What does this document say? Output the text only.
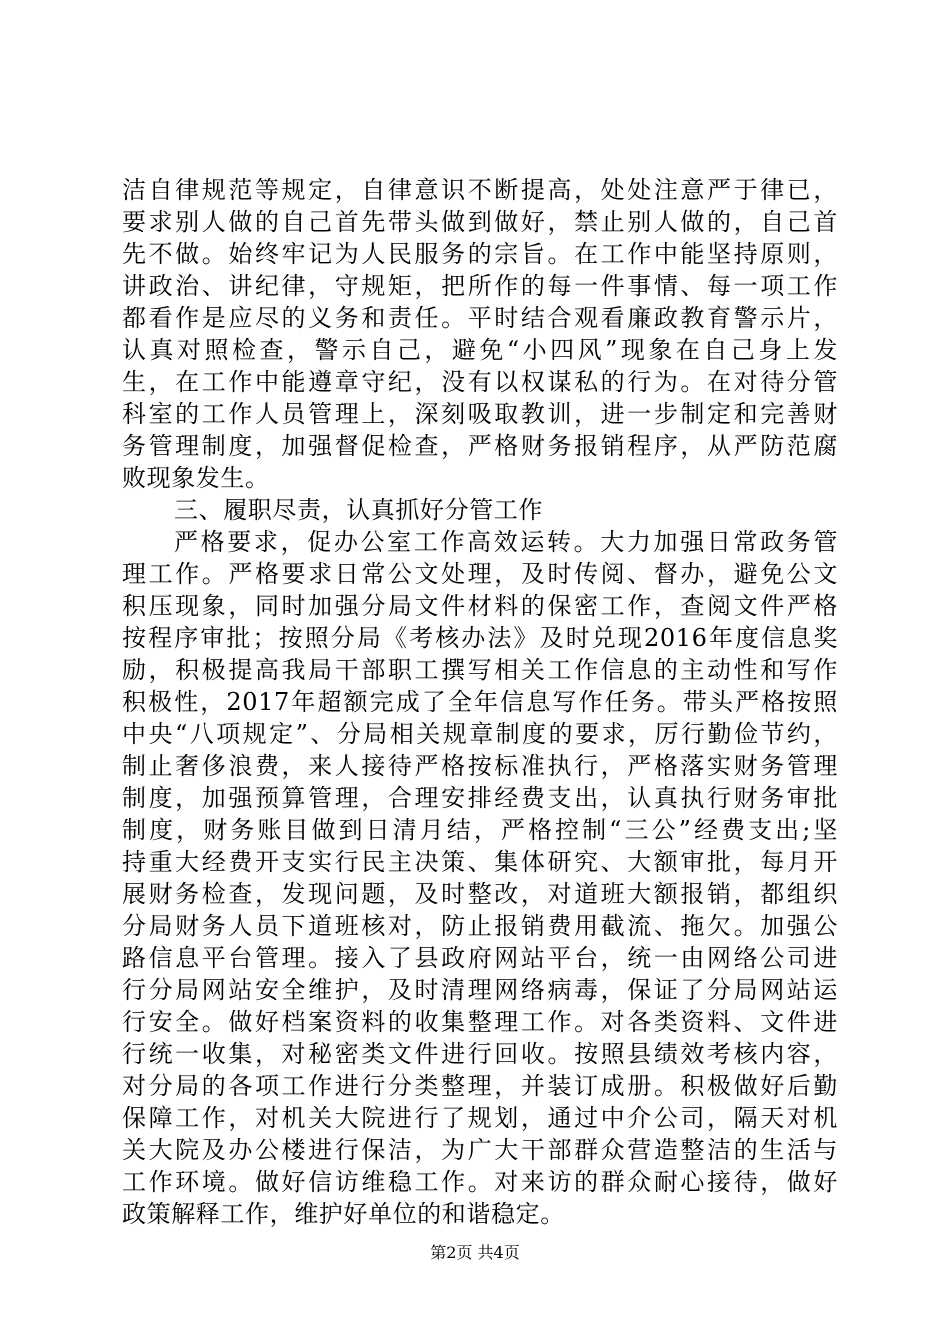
洁自律规范等规定，自律意识不断提高，处处注意严于律已，
要求别人做的自己首先带头做到做好，禁止别人做的，自己首
先不做。始终牢记为人民服务的宗旨。在工作中能坚持原则，
讲政治、讲纪律，守规矩，把所作的每一件事情、每一项工作
都看作是应尽的义务和责任。平时结合观看廉政教育警示片，
认真对照检查，警示自己，避免“小四风”现象在自己身上发
生，在工作中能遵章守纪，没有以权谋私的行为。在对待分管
科室的工作人员管理上，深刻吸取教训，进一步制定和完善财
务管理制度，加强督促检查，严格财务报销程序，从严防范腐
败现象发生。
三、履职尽责，认真抓好分管工作
严格要求，促办公室工作高效运转。大力加强日常政务管
理工作。严格要求日常公文处理，及时传阅、督办，避免公文
积压现象，同时加强分局文件材料的保密工作，查阅文件严格
按程序审批；按照分局《考核办法》及时兑现2016年度信息奖
励，积极提高我局干部职工撰写相关工作信息的主动性和写作
积极性，2017年超额完成了全年信息写作任务。带头严格按照
中央“八项规定”、分局相关规章制度的要求，厉行勤俭节约，
制止奢侈浪费，来人接待严格按标准执行，严格落实财务管理
制度，加强预算管理，合理安排经费支出，认真执行财务审批
制度，财务账目做到日清月结，严格控制“三公”经费支出;坚
持重大经费开支实行民主决策、集体研究、大额审批，每月开
展财务检查，发现问题，及时整改，对道班大额报销，都组织
分局财务人员下道班核对，防止报销费用截流、拖欠。加强公
路信息平台管理。接入了县政府网站平台，统一由网络公司进
行分局网站安全维护，及时清理网络病毒，保证了分局网站运
行安全。做好档案资料的收集整理工作。对各类资料、文件进
行统一收集，对秘密类文件进行回收。按照县绩效考核内容，
对分局的各项工作进行分类整理，并装订成册。积极做好后勤
保障工作，对机关大院进行了规划，通过中介公司，隔天对机
关大院及办公楼进行保洁，为广大干部群众营造整洁的生活与
工作环境。做好信访维稳工作。对来访的群众耐心接待，做好
政策解释工作，维护好单位的和谐稳定。
第2页 共4页
